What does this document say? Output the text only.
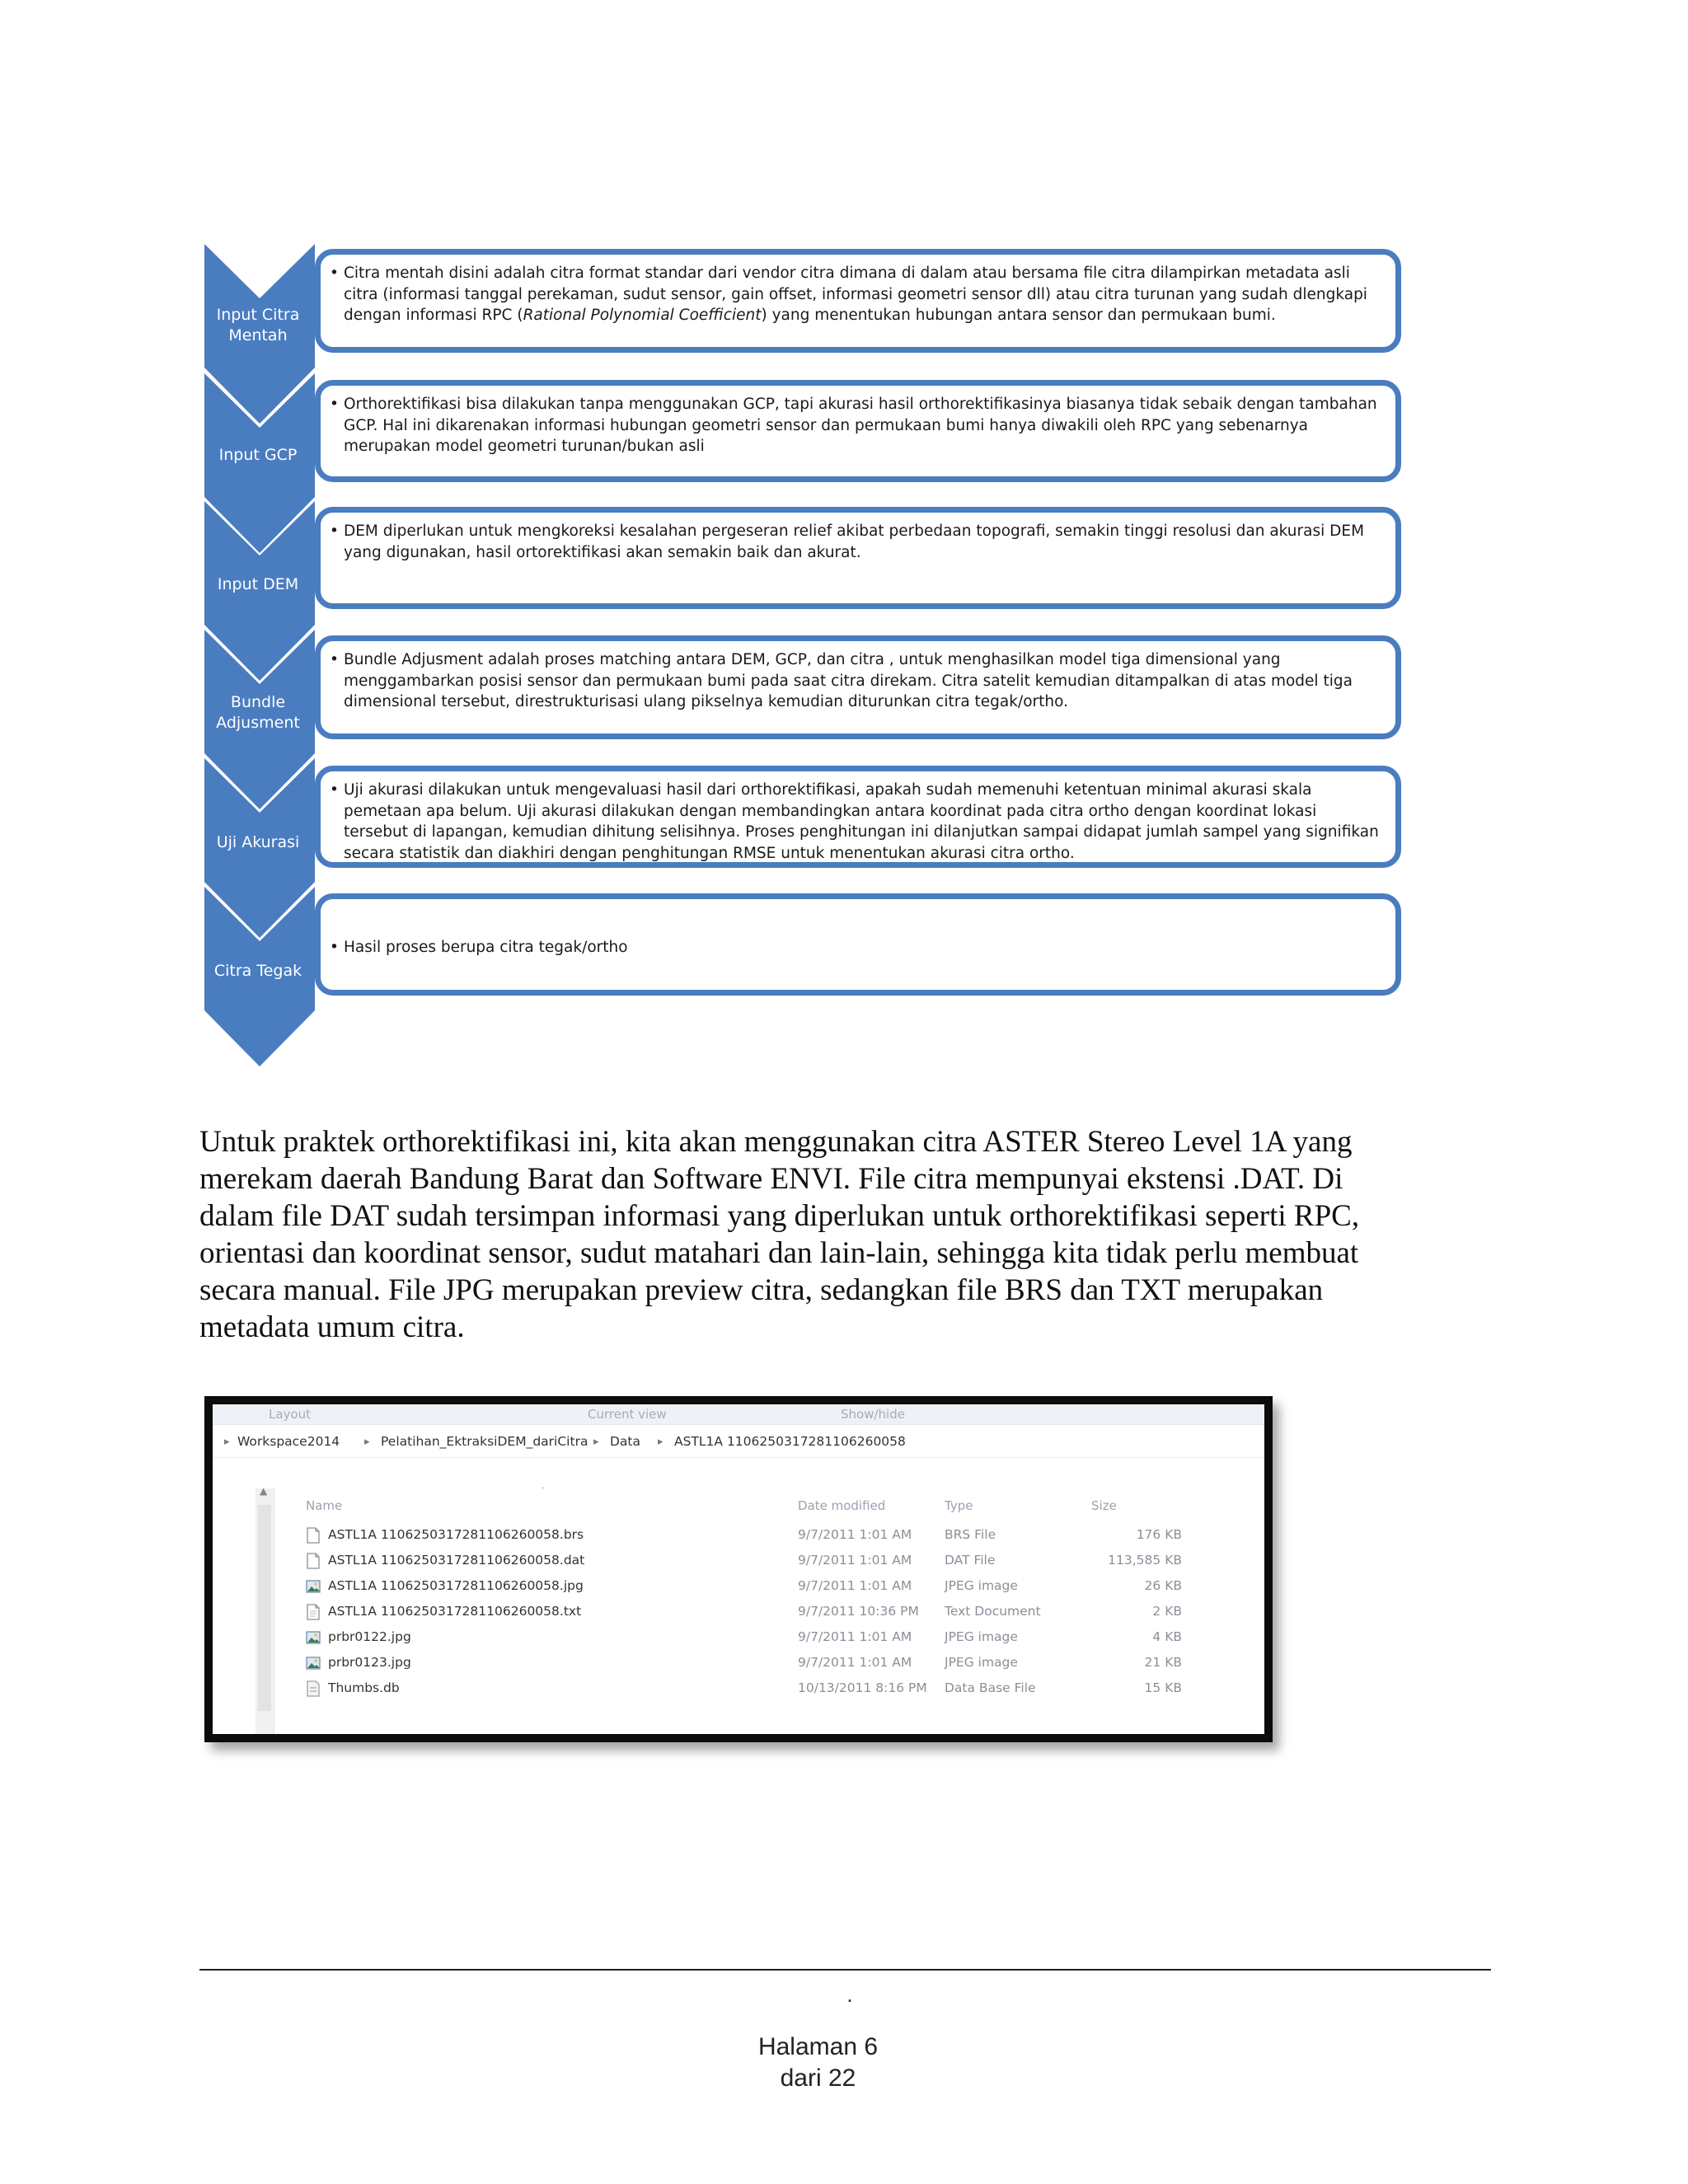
Input Citra Mentah
Input GCP
Input DEM
Bundle Adjusment
Uji Akurasi
Citra Tegak
• Citra mentah disini adalah citra format standar dari vendor citra dimana di dalam atau bersama file citra dilampirkan metadata asli citra (informasi tanggal perekaman, sudut sensor, gain offset, informasi geometri sensor dll) atau citra turunan yang sudah dlengkapi dengan informasi RPC (Rational Polynomial Coefficient) yang menentukan hubungan antara sensor dan permukaan bumi.
• Orthorektifikasi bisa dilakukan tanpa menggunakan GCP, tapi akurasi hasil orthorektifikasinya biasanya tidak sebaik dengan tambahan GCP. Hal ini dikarenakan informasi hubungan geometri sensor dan permukaan bumi hanya diwakili oleh RPC yang sebenarnya merupakan model geometri turunan/bukan asli
• DEM diperlukan untuk mengkoreksi kesalahan pergeseran relief akibat perbedaan topografi, semakin tinggi resolusi dan akurasi DEM yang digunakan, hasil ortorektifikasi akan semakin baik dan akurat.
• Bundle Adjusment adalah proses matching antara DEM, GCP, dan citra , untuk menghasilkan model tiga dimensional yang menggambarkan posisi sensor dan permukaan bumi pada saat citra direkam. Citra satelit kemudian ditampalkan di atas model tiga dimensional tersebut, direstrukturisasi ulang pikselnya kemudian diturunkan citra tegak/ortho.
• Uji akurasi dilakukan untuk mengevaluasi hasil dari orthorektifikasi, apakah sudah memenuhi ketentuan minimal akurasi skala pemetaan apa belum. Uji akurasi dilakukan dengan membandingkan antara koordinat pada citra ortho dengan koordinat lokasi tersebut di lapangan, kemudian dihitung selisihnya. Proses penghitungan ini dilanjutkan sampai didapat jumlah sampel yang signifikan secara statistik dan diakhiri dengan penghitungan RMSE untuk menentukan akurasi citra ortho.
• Hasil proses berupa citra tegak/ortho

Untuk praktek orthorektifikasi ini, kita akan menggunakan citra ASTER Stereo Level 1A yang merekam daerah Bandung Barat dan Software ENVI. File citra mempunyai ekstensi .DAT. Di dalam file DAT sudah tersimpan informasi yang diperlukan untuk orthorektifikasi seperti RPC, orientasi dan koordinat sensor, sudut matahari dan lain-lain, sehingga kita tidak perlu membuat secara manual. File JPG merupakan preview citra, sedangkan file BRS dan TXT merupakan metadata umum citra.

Layout	Current view	Show/hide
▸ Workspace2014 ▸ Pelatihan_EktraksiDEM_dariCitra ▸ Data ▸ ASTL1A 1106250317281106260058
▲	˄
Name	Date modified	Type	Size
ASTL1A 1106250317281106260058.brs	9/7/2011 1:01 AM	BRS File	176 KB
ASTL1A 1106250317281106260058.dat	9/7/2011 1:01 AM	DAT File	113,585 KB
ASTL1A 1106250317281106260058.jpg	9/7/2011 1:01 AM	JPEG image	26 KB
ASTL1A 1106250317281106260058.txt	9/7/2011 10:36 PM Text Document	2 KB
prbr0122.jpg	9/7/2011 1:01 AM	JPEG image	4 KB
prbr0123.jpg	9/7/2011 1:01 AM	JPEG image	21 KB
Thumbs.db	10/13/2011 8:16 PM Data Base File	15 KB
.
Halaman 6
dari 22
